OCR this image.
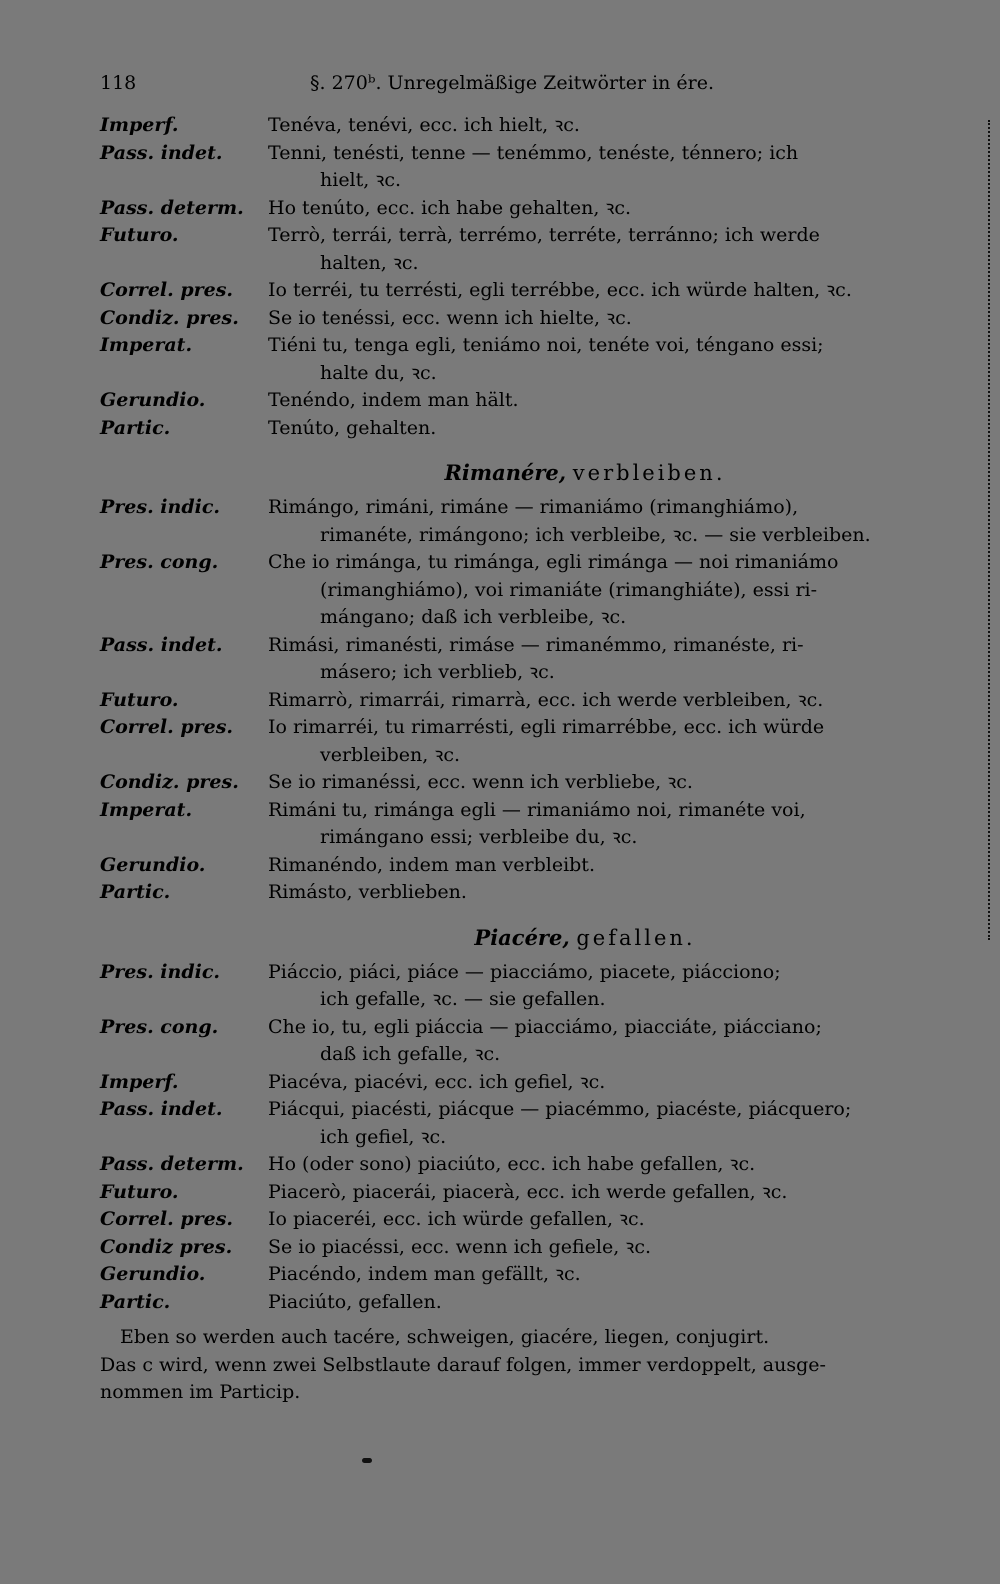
118	§. 270ᵇ. Unregelmäßige Zeitwörter in ére.
Imperf.	Tenéva, tenévi, ecc. ich hielt, ꝛc.
Pass. indet.	Tenni, tenésti, tenne — tenémmo, tenéste, ténnero; ich
hielt, ꝛc.
Pass. determ.	Ho tenúto, ecc. ich habe gehalten, ꝛc.
Futuro.	Terrò, terrái, terrà, terrémo, terréte, terránno; ich werde
halten, ꝛc.
Correl. pres.	Io terréi, tu terrésti, egli terrébbe, ecc. ich würde halten, ꝛc.
Condiz. pres.	Se io tenéssi, ecc. wenn ich hielte, ꝛc.
Imperat.	Tiéni tu, tenga egli, teniámo noi, tenéte voi, téngano essi;
halte du, ꝛc.
Gerundio.	Tenéndo, indem man hält.
Partic.	Tenúto, gehalten.
Rimanére, verbleiben.
Pres. indic.	Rimángo, rimáni, rimáne — rimaniámo (rimanghiámo),
rimanéte, rimángono; ich verbleibe, ꝛc. — sie verbleiben.
Pres. cong.	Che io rimánga, tu rimánga, egli rimánga — noi rimaniámo
(rimanghiámo), voi rimaniáte (rimanghiáte), essi ri-
mángano; daß ich verbleibe, ꝛc.
Pass. indet.	Rimási, rimanésti, rimáse — rimanémmo, rimanéste, ri-
másero; ich verblieb, ꝛc.
Futuro.	Rimarrò, rimarrái, rimarrà, ecc. ich werde verbleiben, ꝛc.
Correl. pres.	Io rimarréi, tu rimarrésti, egli rimarrébbe, ecc. ich würde
verbleiben, ꝛc.
Condiz. pres.	Se io rimanéssi, ecc. wenn ich verbliebe, ꝛc.
Imperat.	Rimáni tu, rimánga egli — rimaniámo noi, rimanéte voi,
rimángano essi; verbleibe du, ꝛc.
Gerundio.	Rimanéndo, indem man verbleibt.
Partic.	Rimásto, verblieben.
Piacére, gefallen.
Pres. indic.	Piáccio, piáci, piáce — piacciámo, piacete, piácciono;
ich gefalle, ꝛc. — sie gefallen.
Pres. cong.	Che io, tu, egli piáccia — piacciámo, piacciáte, piácciano;
daß ich gefalle, ꝛc.
Imperf.	Piacéva, piacévi, ecc. ich gefiel, ꝛc.
Pass. indet.	Piácqui, piacésti, piácque — piacémmo, piacéste, piácquero;
ich gefiel, ꝛc.
Pass. determ.	Ho (oder sono) piaciúto, ecc. ich habe gefallen, ꝛc.
Futuro.	Piacerò, piacerái, piacerà, ecc. ich werde gefallen, ꝛc.
Correl. pres.	Io piaceréi, ecc. ich würde gefallen, ꝛc.
Condiz pres.	Se io piacéssi, ecc. wenn ich gefiele, ꝛc.
Gerundio.	Piacéndo, indem man gefällt, ꝛc.
Partic.	Piaciúto, gefallen.
Eben so werden auch tacére, schweigen, giacére, liegen, conjugirt.
Das c wird, wenn zwei Selbstlaute darauf folgen, immer verdoppelt, ausge-
nommen im Particip.
